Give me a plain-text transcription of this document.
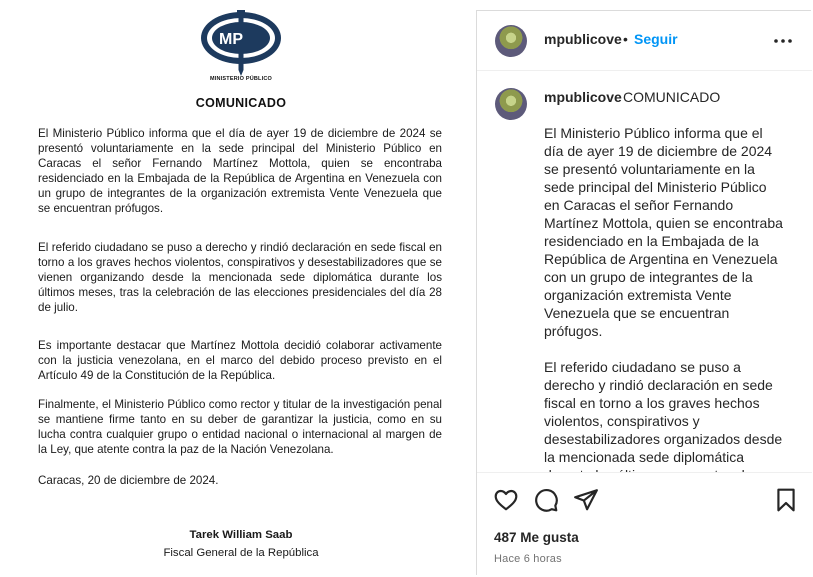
MP
MINISTERIO PÚBLICO
COMUNICADO

El Ministerio Público informa que el día de ayer 19 de diciembre de 2024 se presentó voluntariamente en la sede principal del Ministerio Público en Caracas el señor Fernando Martínez Mottola, quien se encontraba residenciado en la Embajada de la República de Argentina en Venezuela con un grupo de integrantes de la organización extremista Vente Venezuela que se encuentran prófugos.

El referido ciudadano se puso a derecho y rindió declaración en sede fiscal en torno a los graves hechos violentos, conspirativos y desestabilizadores que se vienen organizando desde la mencionada sede diplomática durante los últimos meses, tras la celebración de las elecciones presidenciales del día 28 de julio.

Es importante destacar que Martínez Mottola decidió colaborar activamente con la justicia venezolana, en el marco del debido proceso previsto en el Artículo 49 de la Constitución de la República.

Finalmente, el Ministerio Público como rector y titular de la investigación penal se mantiene firme tanto en su deber de garantizar la justicia, como en su lucha contra cualquier grupo o entidad nacional o internacional al margen de la Ley, que atente contra la paz de la Nación Venezolana.

Caracas, 20 de diciembre de 2024.
Tarek William Saab
Fiscal General de la República
mpublicove • Seguir
mpublicove COMUNICADO
El Ministerio Público informa que el día de ayer 19 de diciembre de 2024 se presentó voluntariamente en la sede principal del Ministerio Público en Caracas el señor Fernando Martínez Mottola, quien se encontraba residenciado en la Embajada de la República de Argentina en Venezuela con un grupo de integrantes de la organización extremista Vente Venezuela que se encuentran prófugos.

El referido ciudadano se puso a derecho y rindió declaración en sede fiscal en torno a los graves hechos violentos, conspirativos y desestabilizadores organizados desde la mencionada sede diplomática
487 Me gusta
Hace 6 horas
